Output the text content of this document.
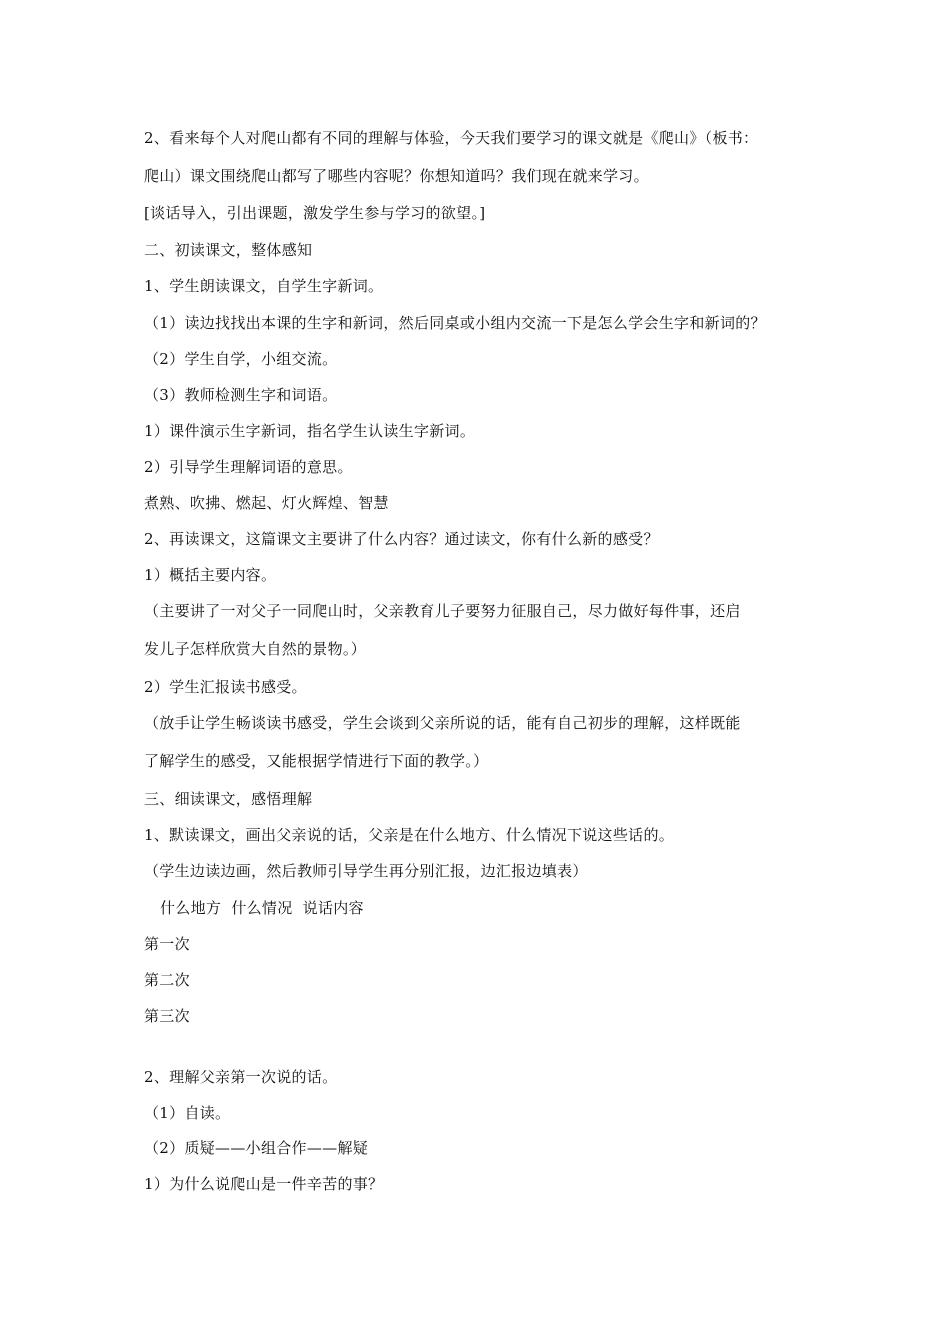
2、看来每个人对爬山都有不同的理解与体验，今天我们要学习的课文就是《爬山》（板书：
爬山）课文围绕爬山都写了哪些内容呢？你想知道吗？我们现在就来学习。
[谈话导入，引出课题，激发学生参与学习的欲望。]
二、初读课文，整体感知
1、学生朗读课文，自学生字新词。
（1）读边找找出本课的生字和新词，然后同桌或小组内交流一下是怎么学会生字和新词的？
（2）学生自学，小组交流。
（3）教师检测生字和词语。
1）课件演示生字新词，指名学生认读生字新词。
2）引导学生理解词语的意思。
煮熟、吹拂、燃起、灯火辉煌、智慧
2、再读课文，这篇课文主要讲了什么内容？通过读文，你有什么新的感受？
1）概括主要内容。
（主要讲了一对父子一同爬山时，父亲教育儿子要努力征服自己，尽力做好每件事，还启
发儿子怎样欣赏大自然的景物。）
2）学生汇报读书感受。
（放手让学生畅谈读书感受，学生会谈到父亲所说的话，能有自己初步的理解，这样既能
了解学生的感受，又能根据学情进行下面的教学。）
三、细读课文，感悟理解
1、默读课文，画出父亲说的话，父亲是在什么地方、什么情况下说这些话的。
（学生边读边画，然后教师引导学生再分别汇报，边汇报边填表）
什么地方  什么情况  说话内容
第一次
第二次
第三次
2、理解父亲第一次说的话。
（1）自读。
（2）质疑——小组合作——解疑
1）为什么说爬山是一件辛苦的事？
